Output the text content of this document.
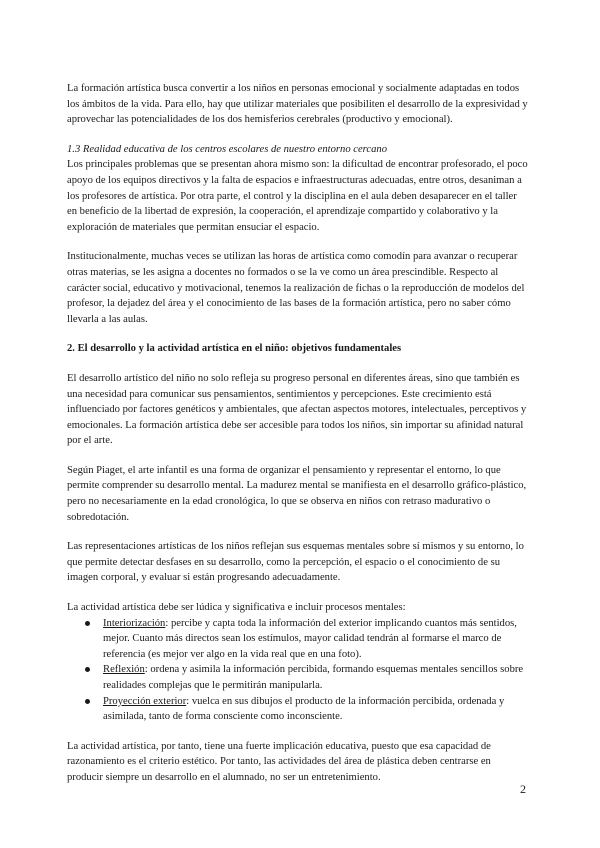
La formación artística busca convertir a los niños en personas emocional y socialmente adaptadas en todos los ámbitos de la vida. Para ello, hay que utilizar materiales que posibiliten el desarrollo de la expresividad y aprovechar las potencialidades de los dos hemisferios cerebrales (productivo y emocional).

1.3 Realidad educativa de los centros escolares de nuestro entorno cercano

Los principales problemas que se presentan ahora mismo son: la dificultad de encontrar profesorado, el poco apoyo de los equipos directivos y la falta de espacios e infraestructuras adecuadas, entre otros, desaniman a los profesores de artística. Por otra parte, el control y la disciplina en el aula deben desaparecer en el taller en beneficio de la libertad de expresión, la cooperación, el aprendizaje compartido y colaborativo y la exploración de materiales que permitan ensuciar el espacio.

Institucionalmente, muchas veces se utilizan las horas de artística como comodín para avanzar o recuperar otras materias, se les asigna a docentes no formados o se la ve como un área prescindible. Respecto al carácter social, educativo y motivacional, tenemos la realización de fichas o la reproducción de modelos del profesor, la dejadez del área y el conocimiento de las bases de la formación artística, pero no saber cómo llevarla a las aulas.

2. El desarrollo y la actividad artística en el niño: objetivos fundamentales

El desarrollo artístico del niño no solo refleja su progreso personal en diferentes áreas, sino que también es una necesidad para comunicar sus pensamientos, sentimientos y percepciones. Este crecimiento está influenciado por factores genéticos y ambientales, que afectan aspectos motores, intelectuales, perceptivos y emocionales. La formación artística debe ser accesible para todos los niños, sin importar su afinidad natural por el arte.

Según Piaget, el arte infantil es una forma de organizar el pensamiento y representar el entorno, lo que permite comprender su desarrollo mental. La madurez mental se manifiesta en el desarrollo gráfico-plástico, pero no necesariamente en la edad cronológica, lo que se observa en niños con retraso madurativo o sobredotación.

Las representaciones artísticas de los niños reflejan sus esquemas mentales sobre sí mismos y su entorno, lo que permite detectar desfases en su desarrollo, como la percepción, el espacio o el conocimiento de su imagen corporal, y evaluar si están progresando adecuadamente.

La actividad artística debe ser lúdica y significativa e incluir procesos mentales:

Interiorización: percibe y capta toda la información del exterior implicando cuantos más sentidos, mejor. Cuanto más directos sean los estímulos, mayor calidad tendrán al formarse el marco de referencia (es mejor ver algo en la vida real que en una foto).
Reflexión: ordena y asimila la información percibida, formando esquemas mentales sencillos sobre realidades complejas que le permitirán manipularla.
Proyección exterior: vuelca en sus dibujos el producto de la información percibida, ordenada y asimilada, tanto de forma consciente como inconsciente.

La actividad artística, por tanto, tiene una fuerte implicación educativa, puesto que esa capacidad de razonamiento es el criterio estético. Por tanto, las actividades del área de plástica deben centrarse en producir siempre un desarrollo en el alumnado, no ser un entretenimiento.

2
